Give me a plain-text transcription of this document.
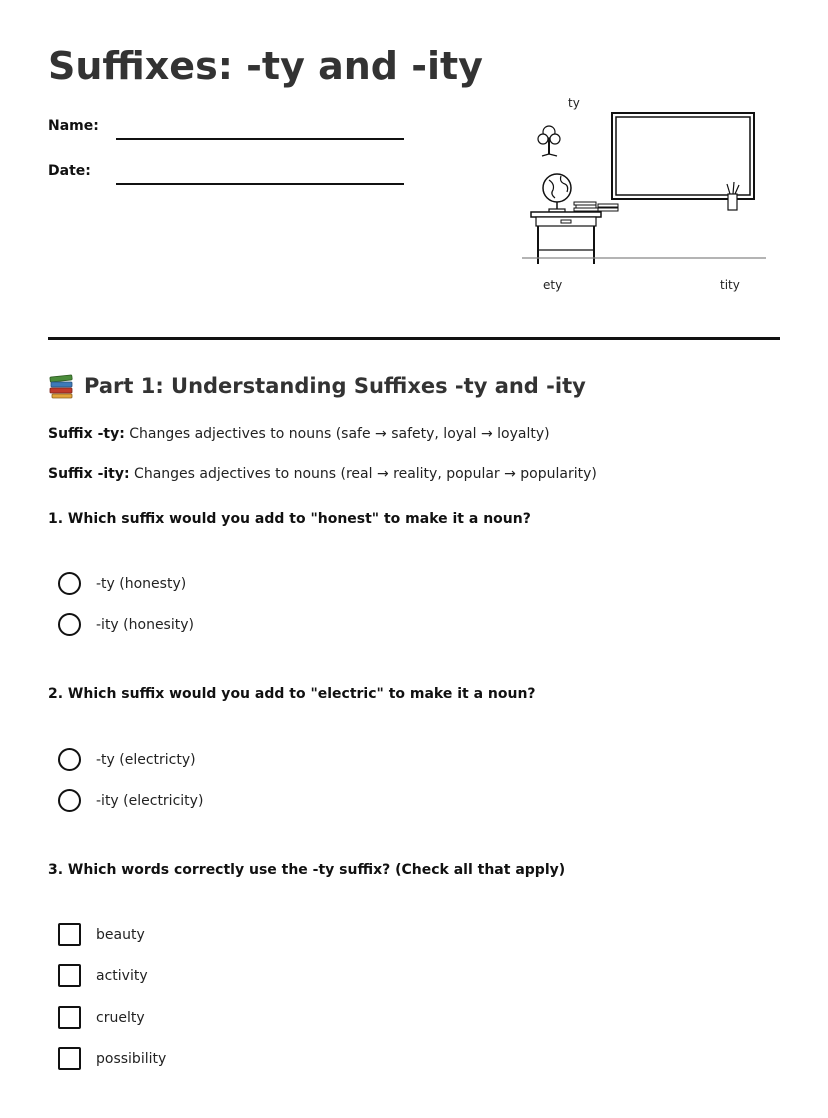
Suffixes: -ty and -ity
Name:
Date:
ty
ety	tity
Part 1: Understanding Suffixes -ty and -ity
Suffix -ty: Changes adjectives to nouns (safe → safety, loyal → loyalty)
Suffix -ity: Changes adjectives to nouns (real → reality, popular → popularity)
1. Which suffix would you add to "honest" to make it a noun?
-ty (honesty)
-ity (honesity)
2. Which suffix would you add to "electric" to make it a noun?
-ty (electricty)
-ity (electricity)
3. Which words correctly use the -ty suffix? (Check all that apply)
beauty
activity
cruelty
possibility
